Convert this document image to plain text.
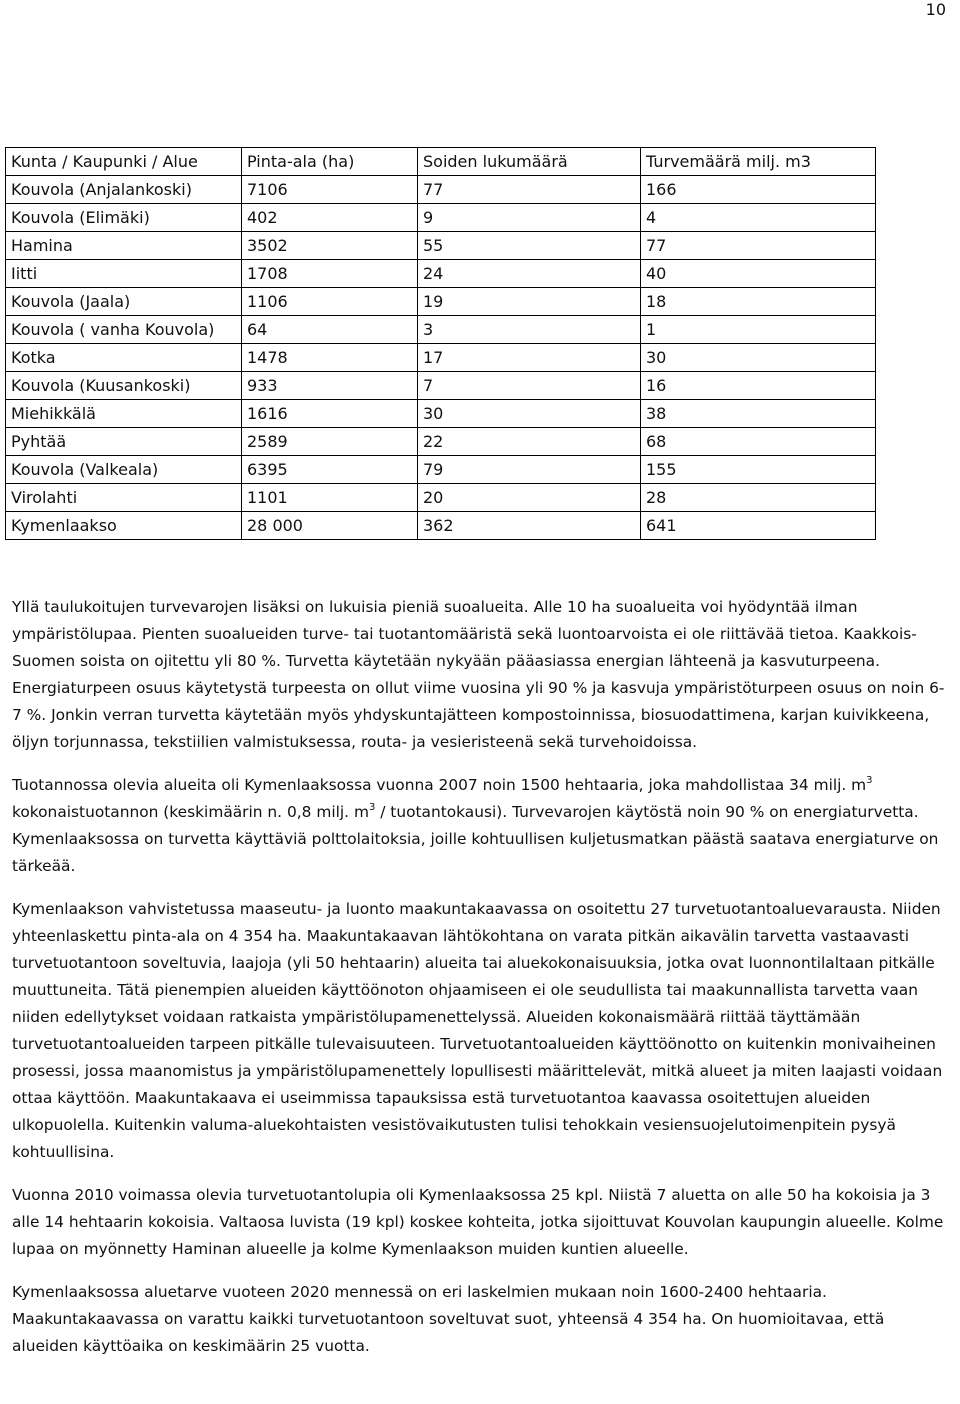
10
Kunta / Kaupunki / Alue	Pinta-ala (ha)	Soiden lukumäärä	Turvemäärä milj. m3
Kouvola (Anjalankoski)	7106	77	166
Kouvola (Elimäki)	402	9	4
Hamina	3502	55	77
Iitti	1708	24	40
Kouvola (Jaala)	1106	19	18
Kouvola ( vanha Kouvola)	64	3	1
Kotka	1478	17	30
Kouvola (Kuusankoski)	933	7	16
Miehikkälä	1616	30	38
Pyhtää	2589	22	68
Kouvola (Valkeala)	6395	79	155
Virolahti	1101	20	28
Kymenlaakso	28 000	362	641

Yllä taulukoitujen turvevarojen lisäksi on lukuisia pieniä suoalueita. Alle 10 ha suoalueita voi hyödyntää ilman ympäristölupaa. Pienten suoalueiden turve- tai tuotantomääristä sekä luontoarvoista ei ole riittävää tietoa. Kaakkois-Suomen soista on ojitettu yli 80 %. Turvetta käytetään nykyään pääasiassa energian lähteenä ja kasvuturpeena. Energiaturpeen osuus käytetystä turpeesta on ollut viime vuosina yli 90 % ja kasvuja ympäristöturpeen osuus on noin 6-7 %. Jonkin verran turvetta käytetään myös yhdyskuntajätteen kompostoinnissa, biosuodattimena, karjan kuivikkeena, öljyn torjunnassa, tekstiilien valmistuksessa, routa- ja vesieristeenä sekä turvehoidoissa.

Tuotannossa olevia alueita oli Kymenlaaksossa vuonna 2007 noin 1500 hehtaaria, joka mahdollistaa 34 milj. $m^3$ kokonaistuotannon (keskimäärin n. 0,8 milj. $m^3$ / tuotantokausi). Turvevarojen käytöstä noin 90 % on energiaturvetta. Kymenlaaksossa on turvetta käyttäviä polttolaitoksia, joille kohtuullisen kuljetusmatkan päästä saatava energiaturve on tärkeää.

Kymenlaakson vahvistetussa maaseutu- ja luonto maakuntakaavassa on osoitettu 27 turvetuotantoaluevarausta. Niiden yhteenlaskettu pinta-ala on 4 354 ha. Maakuntakaavan lähtökohtana on varata pitkän aikavälin tarvetta vastaavasti turvetuotantoon soveltuvia, laajoja (yli 50 hehtaarin) alueita tai aluekokonaisuuksia, jotka ovat luonnontilaltaan pitkälle muuttuneita. Tätä pienempien alueiden käyttöönoton ohjaamiseen ei ole seudullista tai maakunnallista tarvetta vaan niiden edellytykset voidaan ratkaista ympäristölupamenettelyssä. Alueiden kokonaismäärä riittää täyttämään turvetuotantoalueiden tarpeen pitkälle tulevaisuuteen. Turvetuotantoalueiden käyttöönotto on kuitenkin monivaiheinen prosessi, jossa maanomistus ja ympäristölupamenettely lopullisesti määrittelevät, mitkä alueet ja miten laajasti voidaan ottaa käyttöön. Maakuntakaava ei useimmissa tapauksissa estä turvetuotantoa kaavassa osoitettujen alueiden ulkopuolella. Kuitenkin valuma-aluekohtaisten vesistövaikutusten tulisi tehokkain vesiensuojelutoimenpitein pysyä kohtuullisina.

Vuonna 2010 voimassa olevia turvetuotantolupia oli Kymenlaaksossa 25 kpl. Niistä 7 aluetta on alle 50 ha kokoisia ja 3 alle 14 hehtaarin kokoisia. Valtaosa luvista (19 kpl) koskee kohteita, jotka sijoittuvat Kouvolan kaupungin alueelle. Kolme lupaa on myönnetty Haminan alueelle ja kolme Kymenlaakson muiden kuntien alueelle.

Kymenlaaksossa aluetarve vuoteen 2020 mennessä on eri laskelmien mukaan noin 1600-2400 hehtaaria. Maakuntakaavassa on varattu kaikki turvetuotantoon soveltuvat suot, yhteensä 4 354 ha. On huomioitavaa, että alueiden käyttöaika on keskimäärin 25 vuotta.
